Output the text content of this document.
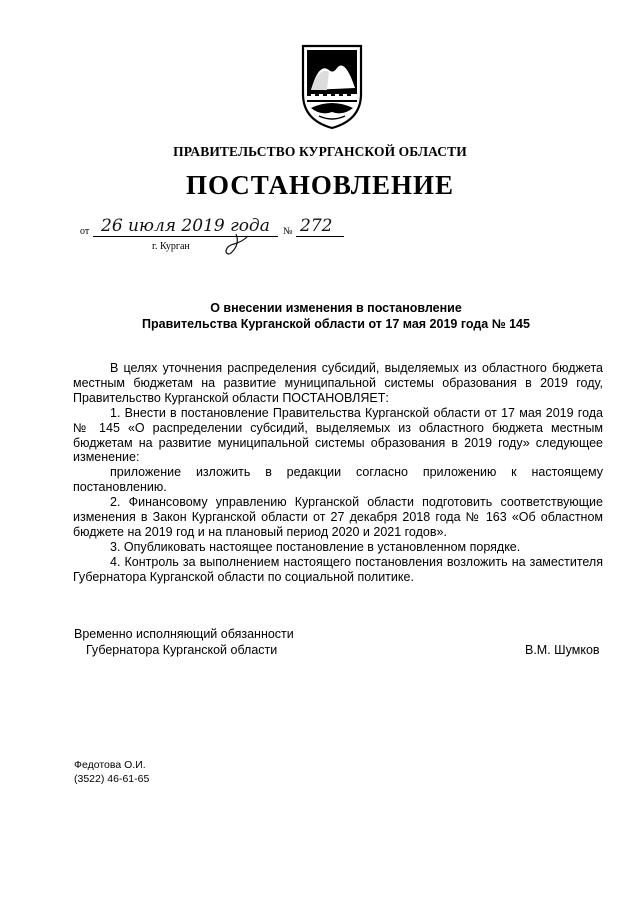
ПРАВИТЕЛЬСТВО КУРГАНСКОЙ ОБЛАСТИ
ПОСТАНОВЛЕНИЕ
от 26 июля 2019 года № 272
г. Курган
О внесении изменения в постановление
Правительства Курганской области от 17 мая 2019 года № 145

В целях уточнения распределения субсидий, выделяемых из областного бюджета местным бюджетам на развитие муниципальной системы образования в 2019 году, Правительство Курганской области ПОСТАНОВЛЯЕТ:

1. Внести в постановление Правительства Курганской области от 17 мая 2019 года № 145 «О распределении субсидий, выделяемых из областного бюджета местным бюджетам на развитие муниципальной системы образования в 2019 году» следующее изменение:

приложение изложить в редакции согласно приложению к настоящему постановлению.

2. Финансовому управлению Курганской области подготовить соответствующие изменения в Закон Курганской области от 27 декабря 2018 года № 163 «Об областном бюджете на 2019 год и на плановый период 2020 и 2021 годов».

3. Опубликовать настоящее постановление в установленном порядке.

4. Контроль за выполнением настоящего постановления возложить на заместителя Губернатора Курганской области по социальной политике.

Временно исполняющий обязанности
Губернатора Курганской области	В.М. Шумков
Федотова О.И.
(3522) 46-61-65
